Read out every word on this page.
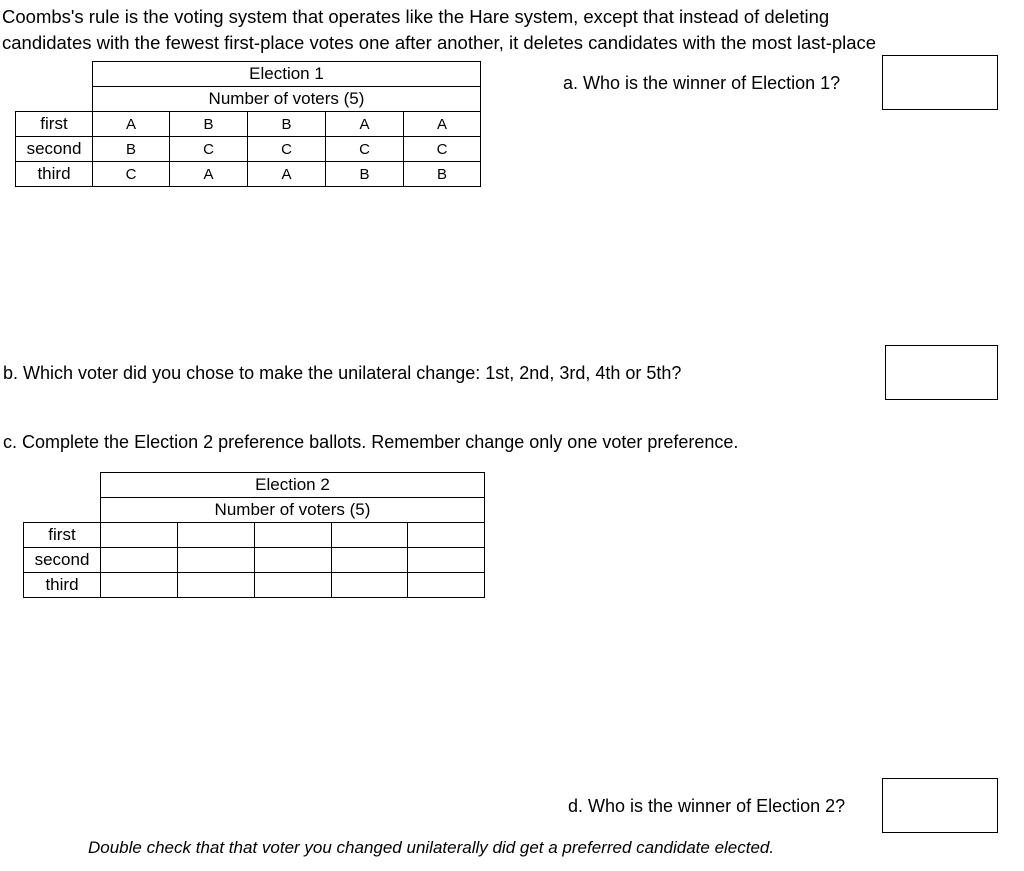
Coombs's rule is the voting system that operates like the Hare system, except that instead of deleting
candidates with the fewest first-place votes one after another, it deletes candidates with the most last-place
	Election 1				
	Number of voters (5)				
first	A	B	B	A	A
second	B	C	C	C	C
third	C	A	A	B	B
a. Who is the winner of Election 1?
b. Which voter did you chose to make the unilateral change: 1st, 2nd, 3rd, 4th or 5th?
c. Complete the Election 2 preference ballots. Remember change only one voter preference.
	Election 2				
	Number of voters (5)				
first					
second					
third					
d. Who is the winner of Election 2?
Double check that that voter you changed unilaterally did get a preferred candidate elected.
